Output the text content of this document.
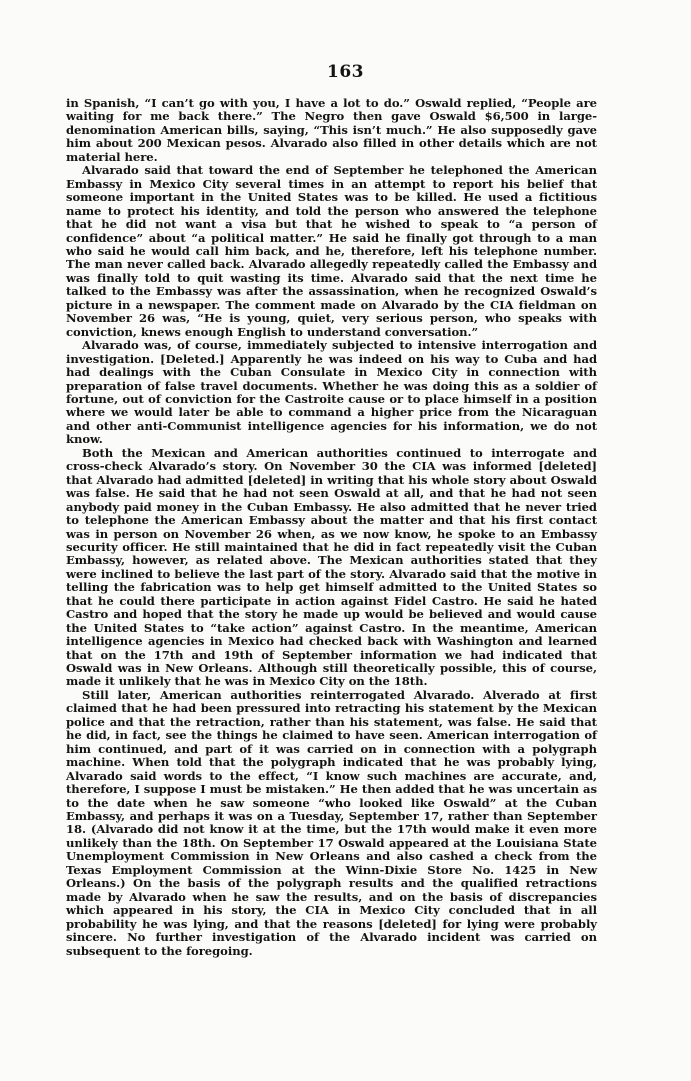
163

in Spanish, “I can’t go with you, I have a lot to do.” Oswald replied, “People are waiting for me back there.” The Negro then gave Oswald $6,500 in large-denomination American bills, saying, “This isn’t much.” He also supposedly gave him about 200 Mexican pesos. Alvarado also filled in other details which are not material here.

Alvarado said that toward the end of September he telephoned the American Embassy in Mexico City several times in an attempt to report his belief that someone important in the United States was to be killed. He used a fictitious name to protect his identity, and told the person who answered the telephone that he did not want a visa but that he wished to speak to “a person of confidence” about “a political matter.” He said he finally got through to a man who said he would call him back, and he, therefore, left his telephone number. The man never called back. Alvarado allegedly repeatedly called the Embassy and was finally told to quit wasting its time. Alvarado said that the next time he talked to the Embassy was after the assassination, when he recognized Oswald’s picture in a newspaper. The comment made on Alvarado by the CIA fieldman on November 26 was, “He is young, quiet, very serious person, who speaks with conviction, knews enough English to understand conversation.”

Alvarado was, of course, immediately subjected to intensive interrogation and investigation. [Deleted.] Apparently he was indeed on his way to Cuba and had had dealings with the Cuban Consulate in Mexico City in connection with preparation of false travel documents. Whether he was doing this as a soldier of fortune, out of conviction for the Castroite cause or to place himself in a position where we would later be able to command a higher price from the Nicaraguan and other anti-Communist intelligence agencies for his information, we do not know.

Both the Mexican and American authorities continued to interrogate and cross-check Alvarado’s story. On November 30 the CIA was informed [deleted] that Alvarado had admitted [deleted] in writing that his whole story about Oswald was false. He said that he had not seen Oswald at all, and that he had not seen anybody paid money in the Cuban Embassy. He also admitted that he never tried to telephone the American Embassy about the matter and that his first contact was in person on November 26 when, as we now know, he spoke to an Embassy security officer. He still maintained that he did in fact repeatedly visit the Cuban Embassy, however, as related above. The Mexican authorities stated that they were inclined to believe the last part of the story. Alvarado said that the motive in telling the fabrication was to help get himself admitted to the United States so that he could there participate in action against Fidel Castro. He said he hated Castro and hoped that the story he made up would be believed and would cause the United States to “take action” against Castro. In the meantime, American intelligence agencies in Mexico had checked back with Washington and learned that on the 17th and 19th of September information we had indicated that Oswald was in New Orleans. Although still theoretically possible, this of course, made it unlikely that he was in Mexico City on the 18th.

Still later, American authorities reinterrogated Alvarado. Alverado at first claimed that he had been pressured into retracting his statement by the Mexican police and that the retraction, rather than his statement, was false. He said that he did, in fact, see the things he claimed to have seen. American interrogation of him continued, and part of it was carried on in connection with a polygraph machine. When told that the polygraph indicated that he was probably lying, Alvarado said words to the effect, “I know such machines are accurate, and, therefore, I suppose I must be mistaken.” He then added that he was uncertain as to the date when he saw someone “who looked like Oswald” at the Cuban Embassy, and perhaps it was on a Tuesday, September 17, rather than September 18. (Alvarado did not know it at the time, but the 17th would make it even more unlikely than the 18th. On September 17 Oswald appeared at the Louisiana State Unemployment Commission in New Orleans and also cashed a check from the Texas Employment Commission at the Winn-Dixie Store No. 1425 in New Orleans.) On the basis of the polygraph results and the qualified retractions made by Alvarado when he saw the results, and on the basis of discrepancies which appeared in his story, the CIA in Mexico City concluded that in all probability he was lying, and that the reasons [deleted] for lying were probably sincere. No further investigation of the Alvarado incident was carried on subsequent to the foregoing.
